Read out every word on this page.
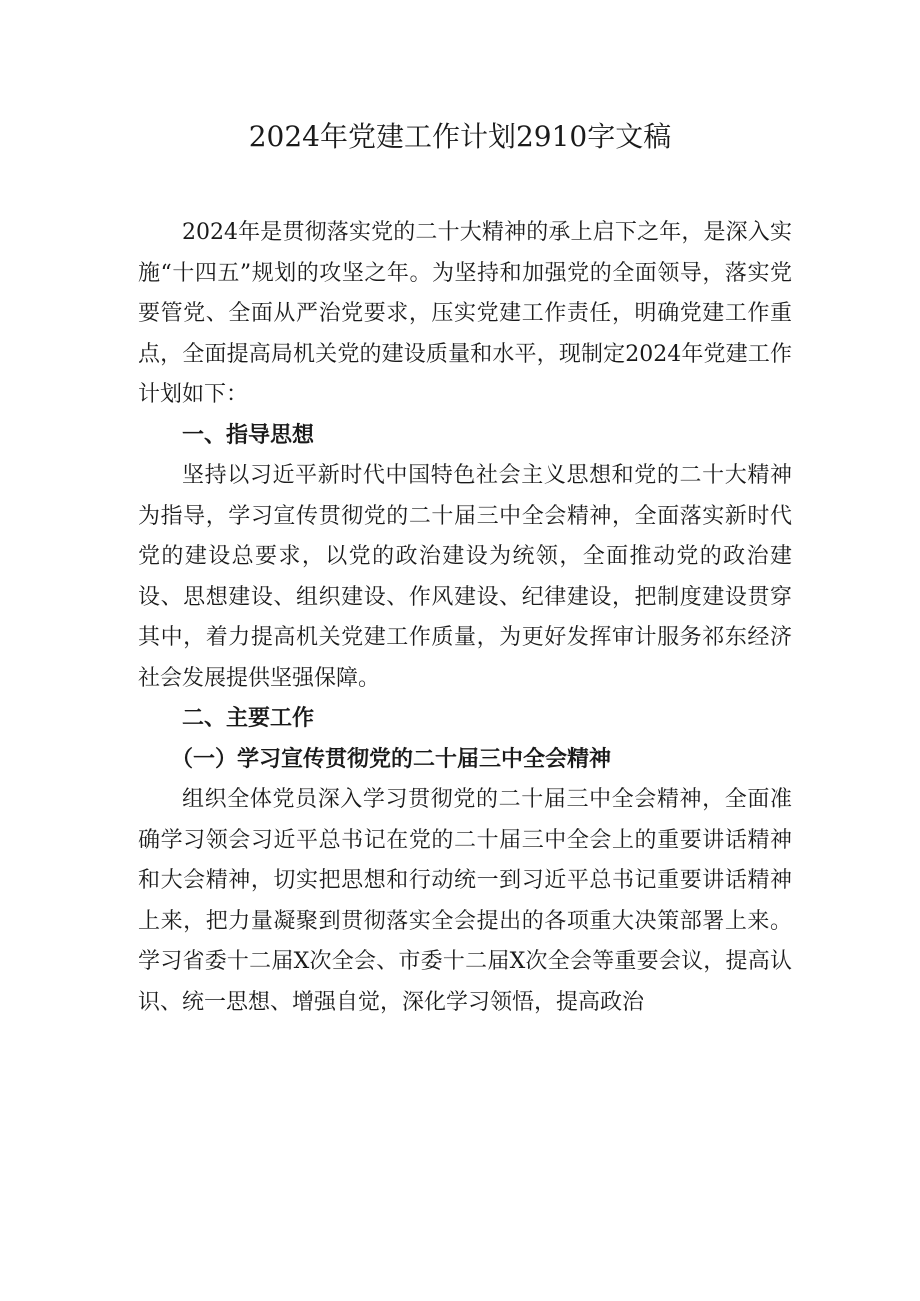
2024年党建工作计划2910字文稿

2024年是贯彻落实党的二十大精神的承上启下之年，是深入实施“十四五”规划的攻坚之年。为坚持和加强党的全面领导，落实党要管党、全面从严治党要求，压实党建工作责任，明确党建工作重点，全面提高局机关党的建设质量和水平，现制定2024年党建工作计划如下：

一、指导思想

坚持以习近平新时代中国特色社会主义思想和党的二十大精神为指导，学习宣传贯彻党的二十届三中全会精神，全面落实新时代党的建设总要求，以党的政治建设为统领，全面推动党的政治建设、思想建设、组织建设、作风建设、纪律建设，把制度建设贯穿其中，着力提高机关党建工作质量，为更好发挥审计服务祁东经济社会发展提供坚强保障。

二、主要工作

（一）学习宣传贯彻党的二十届三中全会精神

组织全体党员深入学习贯彻党的二十届三中全会精神，全面准确学习领会习近平总书记在党的二十届三中全会上的重要讲话精神和大会精神，切实把思想和行动统一到习近平总书记重要讲话精神上来，把力量凝聚到贯彻落实全会提出的各项重大决策部署上来。学习省委十二届X次全会、市委十二届X次全会等重要会议，提高认识、统一思想、增强自觉，深化学习领悟，提高政治
